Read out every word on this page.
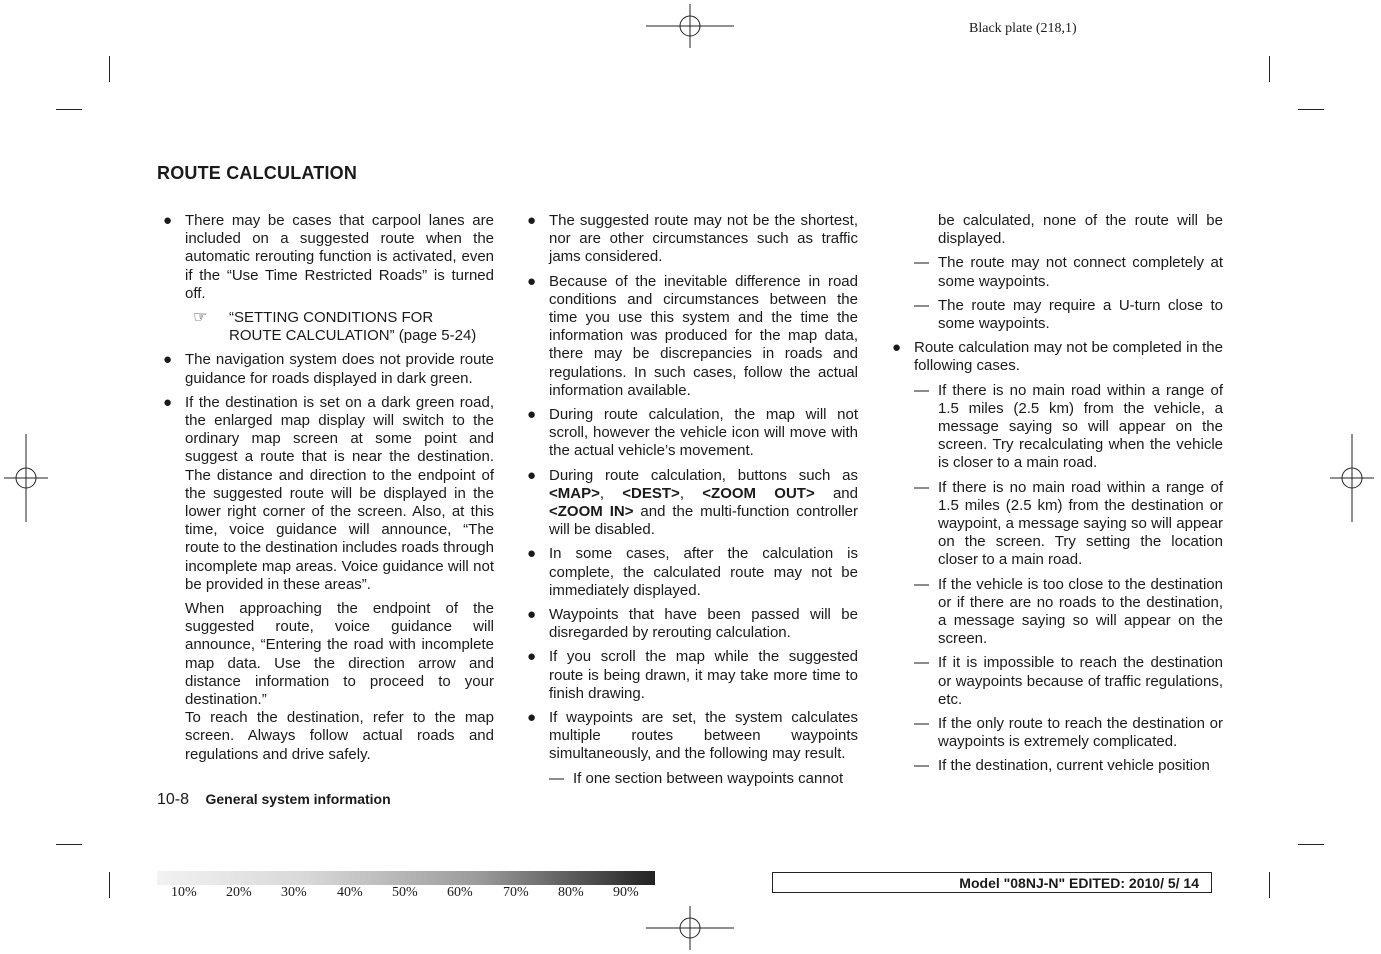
Black plate (218,1)
ROUTE CALCULATION
● There may be cases that carpool lanes are included on a suggested route when the automatic rerouting function is activated, even if the “Use Time Restricted Roads” is turned off.
☞ “SETTING CONDITIONS FOR
ROUTE CALCULATION” (page 5-24)
● The navigation system does not provide route guidance for roads displayed in dark green.
● If the destination is set on a dark green road, the enlarged map display will switch to the ordinary map screen at some point and suggest a route that is near the destination. The distance and direction to the endpoint of the suggested route will be displayed in the lower right corner of the screen. Also, at this time, voice guidance will announce, “The route to the destination includes roads through incomplete map areas. Voice guidance will not be provided in these areas”.
When approaching the endpoint of the suggested route, voice guidance will announce, “Entering the road with incomplete map data. Use the direction arrow and distance information to proceed to your destination.”
To reach the destination, refer to the map screen. Always follow actual roads and regulations and drive safely.
● The suggested route may not be the shortest, nor are other circumstances such as traffic jams considered.
● Because of the inevitable difference in road conditions and circumstances between the time you use this system and the time the information was produced for the map data, there may be discrepancies in roads and regulations. In such cases, follow the actual information available.
● During route calculation, the map will not scroll, however the vehicle icon will move with the actual vehicle’s movement.
● During route calculation, buttons such as <MAP>, <DEST>, <ZOOM OUT> and <ZOOM IN> and the multi-function controller will be disabled.
● In some cases, after the calculation is complete, the calculated route may not be immediately displayed.
● Waypoints that have been passed will be disregarded by rerouting calculation.
● If you scroll the map while the suggested route is being drawn, it may take more time to finish drawing.
● If waypoints are set, the system calculates multiple routes between waypoints simultaneously, and the following may result.
— If one section between waypoints cannot
be calculated, none of the route will be displayed.
— The route may not connect completely at some waypoints.
— The route may require a U-turn close to some waypoints.
● Route calculation may not be completed in the following cases.
— If there is no main road within a range of 1.5 miles (2.5 km) from the vehicle, a message saying so will appear on the screen. Try recalculating when the vehicle is closer to a main road.
— If there is no main road within a range of 1.5 miles (2.5 km) from the destination or waypoint, a message saying so will appear on the screen. Try setting the location closer to a main road.
— If the vehicle is too close to the destination or if there are no roads to the destination, a message saying so will appear on the screen.
— If it is impossible to reach the destination or waypoints because of traffic regulations, etc.
— If the only route to reach the destination or waypoints is extremely complicated.
— If the destination, current vehicle position
10-8 General system information
10% 20% 30% 40% 50% 60% 70% 80% 90%
Model "08NJ-N" EDITED: 2010/ 5/ 14
